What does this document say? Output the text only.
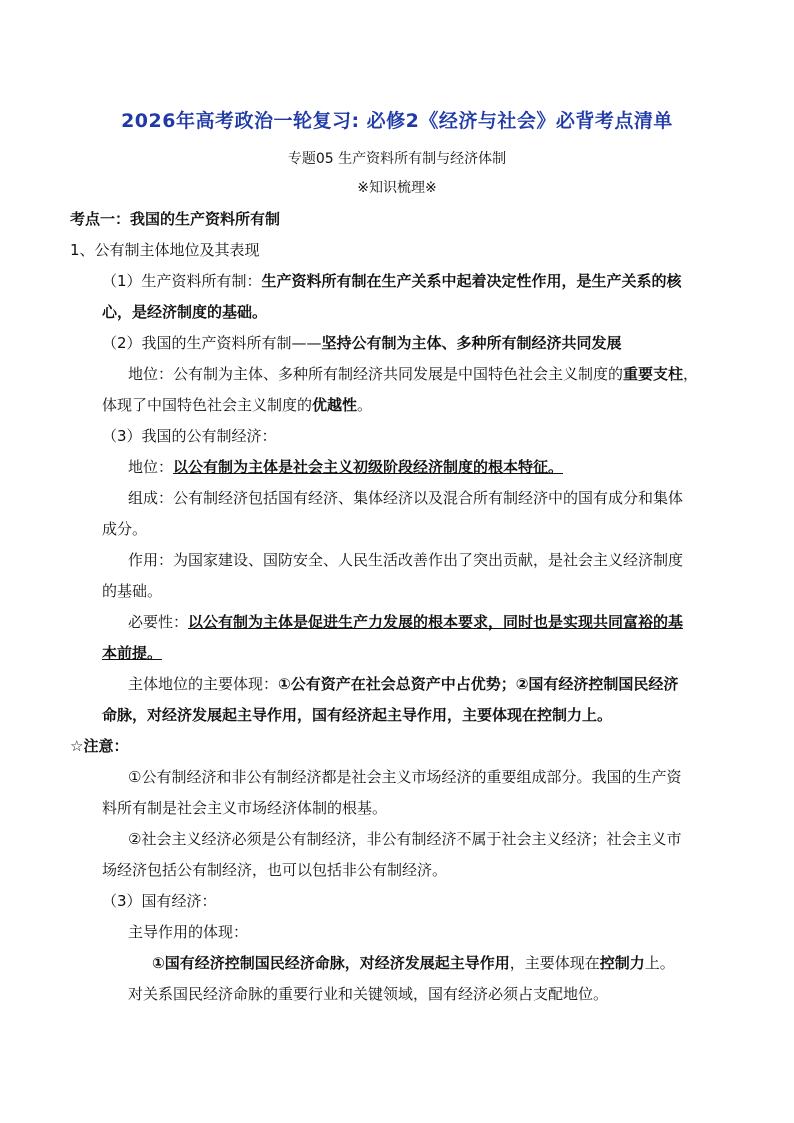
2026年高考政治一轮复习: 必修2《经济与社会》必背考点清单
专题05 生产资料所有制与经济体制
※知识梳理※

考点一：我国的生产资料所有制

1、公有制主体地位及其表现

（1）生产资料所有制：生产资料所有制在生产关系中起着决定性作用，是生产关系的核

心，是经济制度的基础。

（2）我国的生产资料所有制——坚持公有制为主体、多种所有制经济共同发展

地位：公有制为主体、多种所有制经济共同发展是中国特色社会主义制度的重要支柱，

体现了中国特色社会主义制度的优越性。

（3）我国的公有制经济：

地位：以公有制为主体是社会主义初级阶段经济制度的根本特征。

组成：公有制经济包括国有经济、集体经济以及混合所有制经济中的国有成分和集体

成分。

作用：为国家建设、国防安全、人民生活改善作出了突出贡献，是社会主义经济制度

的基础。

必要性：以公有制为主体是促进生产力发展的根本要求，同时也是实现共同富裕的基

本前提。

主体地位的主要体现：①公有资产在社会总资产中占优势；②国有经济控制国民经济

命脉，对经济发展起主导作用，国有经济起主导作用，主要体现在控制力上。

☆注意：

①公有制经济和非公有制经济都是社会主义市场经济的重要组成部分。我国的生产资

料所有制是社会主义市场经济体制的根基。

②社会主义经济必须是公有制经济，非公有制经济不属于社会主义经济；社会主义市

场经济包括公有制经济，也可以包括非公有制经济。

（3）国有经济：

主导作用的体现：

①国有经济控制国民经济命脉，对经济发展起主导作用，主要体现在控制力上。

对关系国民经济命脉的重要行业和关键领域，国有经济必须占支配地位。
